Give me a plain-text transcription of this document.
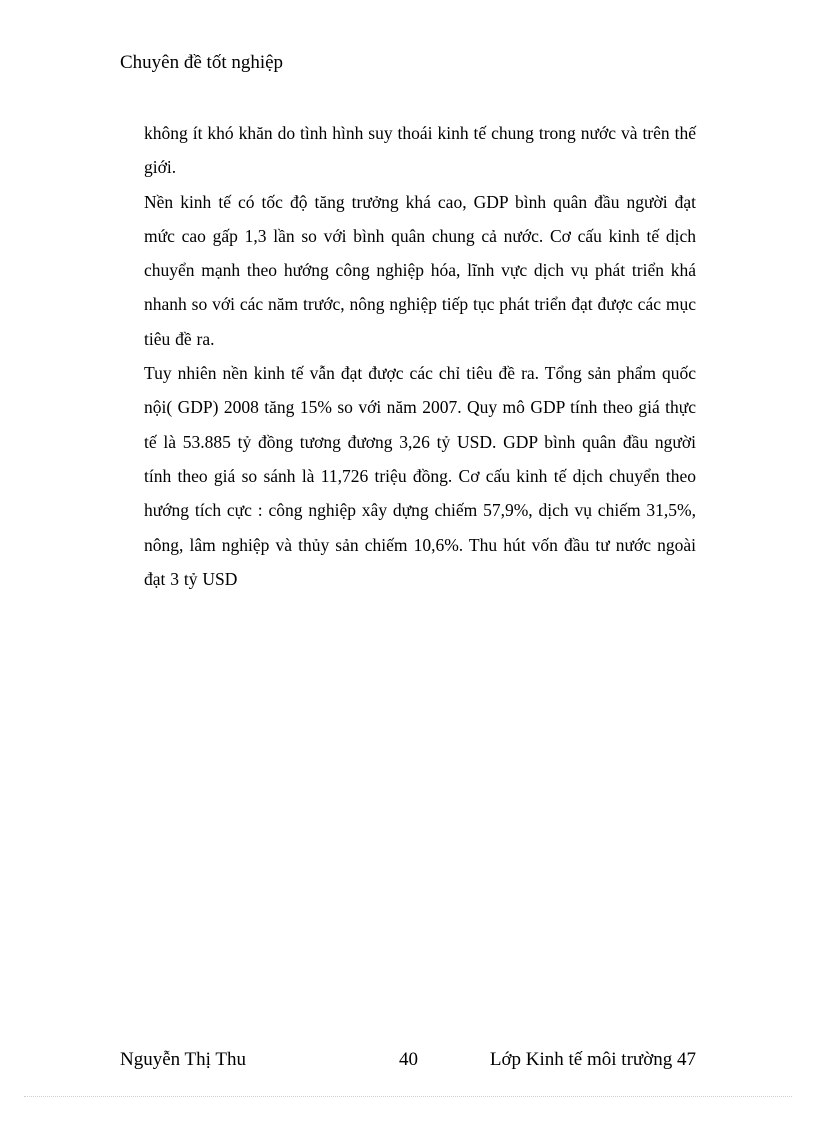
Chuyên đề tốt nghiệp

không ít khó khăn do tình hình suy thoái kinh tế chung trong nước và trên thế giới.

Nền kinh tế có tốc độ tăng trưởng khá cao, GDP bình quân đầu người đạt mức cao gấp 1,3 lần so với bình quân chung cả nước. Cơ cấu kinh tế dịch chuyển mạnh theo hướng công nghiệp hóa, lĩnh vực dịch vụ phát triển khá nhanh so với các năm trước, nông nghiệp tiếp tục phát triển đạt được các mục tiêu đề ra.

Tuy nhiên nền kinh tế vẫn đạt được các chỉ tiêu đề ra. Tổng sản phẩm quốc nội( GDP) 2008 tăng 15% so với năm 2007. Quy mô GDP tính theo giá thực tế là 53.885 tỷ đồng tương đương 3,26 tỷ USD. GDP bình quân đầu người tính theo giá so sánh là 11,726 triệu đồng. Cơ cấu kinh tế dịch chuyển theo hướng tích cực : công nghiệp xây dựng chiếm 57,9%, dịch vụ chiếm 31,5%, nông, lâm nghiệp và thủy sản chiếm 10,6%. Thu hút vốn đầu tư nước ngoài đạt 3 tỷ USD

Nguyễn Thị Thu	40	Lớp Kinh tế môi trường 47
